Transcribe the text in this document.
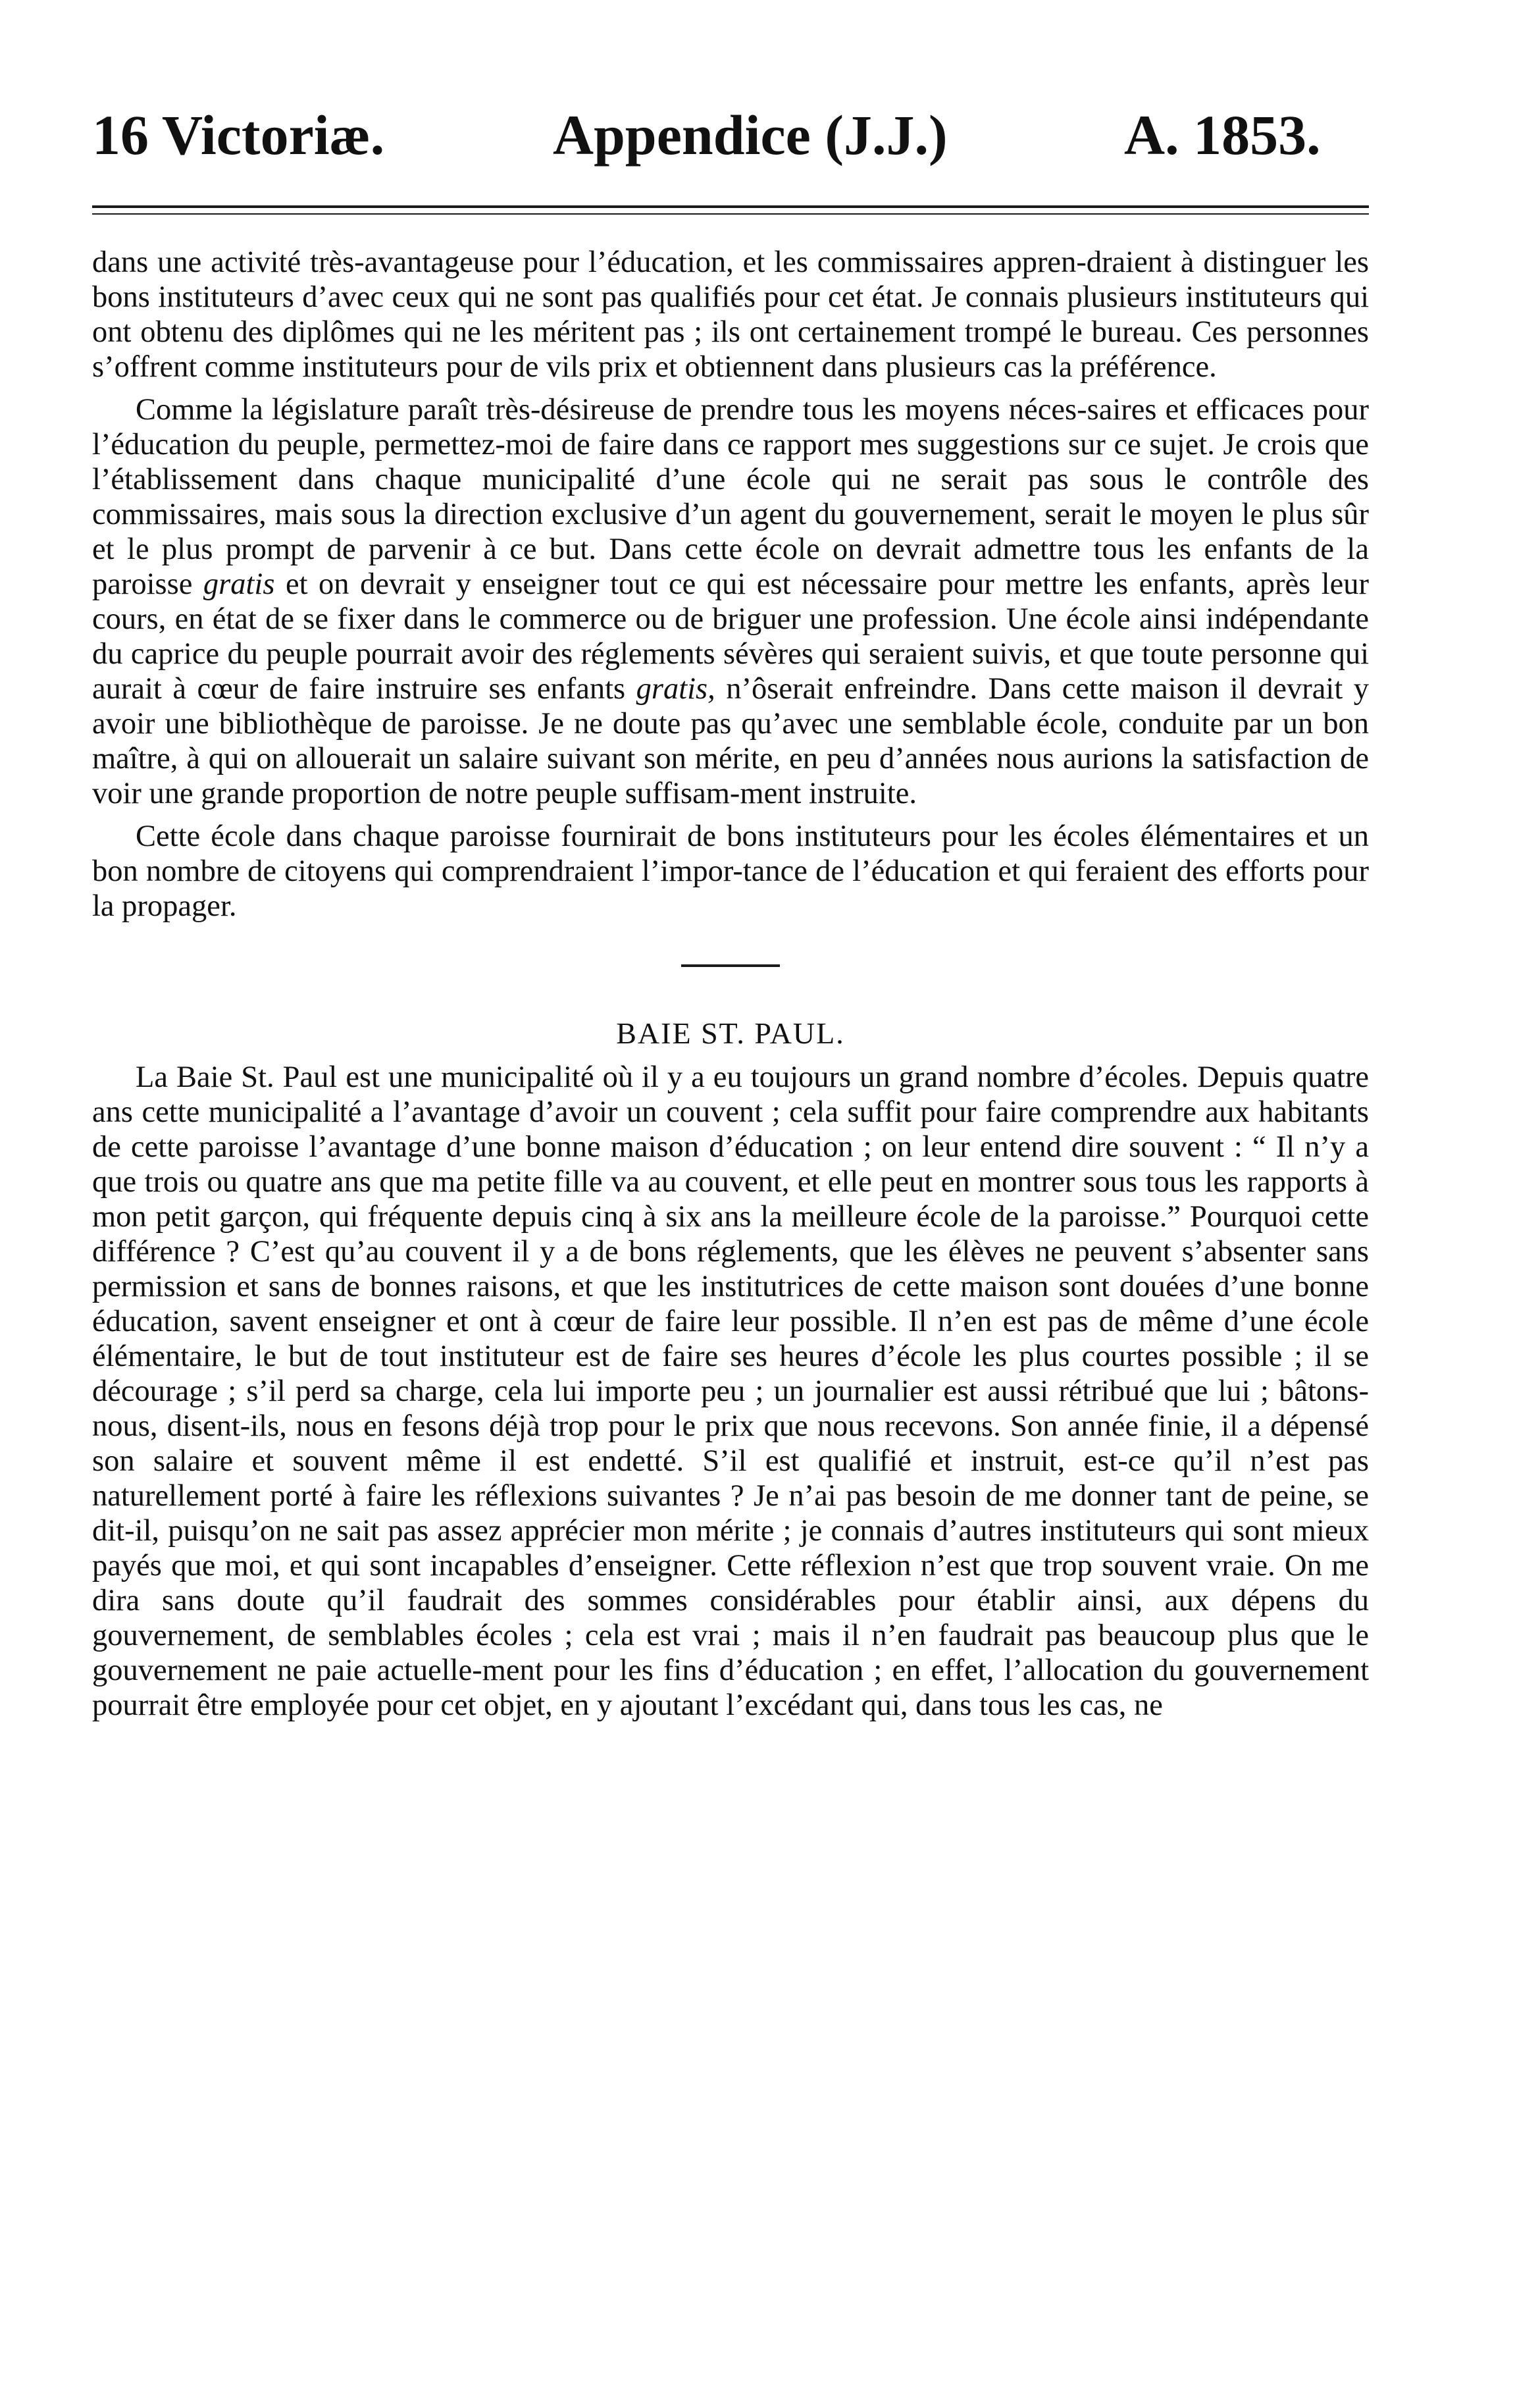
16 Victoriæ.	Appendice (J.J.)	A. 1853.

dans une activité très-avantageuse pour l’éducation, et les commissaires appren-draient à distinguer les bons instituteurs d’avec ceux qui ne sont pas qualifiés pour cet état. Je connais plusieurs instituteurs qui ont obtenu des diplômes qui ne les méritent pas ; ils ont certainement trompé le bureau. Ces personnes s’offrent comme instituteurs pour de vils prix et obtiennent dans plusieurs cas la préférence.

Comme la législature paraît très-désireuse de prendre tous les moyens néces-saires et efficaces pour l’éducation du peuple, permettez-moi de faire dans ce rapport mes suggestions sur ce sujet. Je crois que l’établissement dans chaque municipalité d’une école qui ne serait pas sous le contrôle des commissaires, mais sous la direction exclusive d’un agent du gouvernement, serait le moyen le plus sûr et le plus prompt de parvenir à ce but. Dans cette école on devrait admettre tous les enfants de la paroisse gratis et on devrait y enseigner tout ce qui est nécessaire pour mettre les enfants, après leur cours, en état de se fixer dans le commerce ou de briguer une profession. Une école ainsi indépendante du caprice du peuple pourrait avoir des réglements sévères qui seraient suivis, et que toute personne qui aurait à cœur de faire instruire ses enfants gratis, n’ôserait enfreindre. Dans cette maison il devrait y avoir une bibliothèque de paroisse. Je ne doute pas qu’avec une semblable école, conduite par un bon maître, à qui on allouerait un salaire suivant son mérite, en peu d’années nous aurions la satisfaction de voir une grande proportion de notre peuple suffisam-ment instruite.

Cette école dans chaque paroisse fournirait de bons instituteurs pour les écoles élémentaires et un bon nombre de citoyens qui comprendraient l’impor-tance de l’éducation et qui feraient des efforts pour la propager.

BAIE ST. PAUL.

La Baie St. Paul est une municipalité où il y a eu toujours un grand nombre d’écoles. Depuis quatre ans cette municipalité a l’avantage d’avoir un couvent ; cela suffit pour faire comprendre aux habitants de cette paroisse l’avantage d’une bonne maison d’éducation ; on leur entend dire souvent : “ Il n’y a que trois ou quatre ans que ma petite fille va au couvent, et elle peut en montrer sous tous les rapports à mon petit garçon, qui fréquente depuis cinq à six ans la meilleure école de la paroisse.” Pourquoi cette différence ? C’est qu’au couvent il y a de bons réglements, que les élèves ne peuvent s’absenter sans permission et sans de bonnes raisons, et que les institutrices de cette maison sont douées d’une bonne éducation, savent enseigner et ont à cœur de faire leur possible. Il n’en est pas de même d’une école élémentaire, le but de tout instituteur est de faire ses heures d’école les plus courtes possible ; il se décourage ; s’il perd sa charge, cela lui importe peu ; un journalier est aussi rétribué que lui ; bâtons-nous, disent-ils, nous en fesons déjà trop pour le prix que nous recevons. Son année finie, il a dépensé son salaire et souvent même il est endetté. S’il est qualifié et instruit, est-ce qu’il n’est pas naturellement porté à faire les réflexions suivantes ? Je n’ai pas besoin de me donner tant de peine, se dit-il, puisqu’on ne sait pas assez apprécier mon mérite ; je connais d’autres instituteurs qui sont mieux payés que moi, et qui sont incapables d’enseigner. Cette réflexion n’est que trop souvent vraie. On me dira sans doute qu’il faudrait des sommes considérables pour établir ainsi, aux dépens du gouvernement, de semblables écoles ; cela est vrai ; mais il n’en faudrait pas beaucoup plus que le gouvernement ne paie actuelle-ment pour les fins d’éducation ; en effet, l’allocation du gouvernement pourrait être employée pour cet objet, en y ajoutant l’excédant qui, dans tous les cas, ne
